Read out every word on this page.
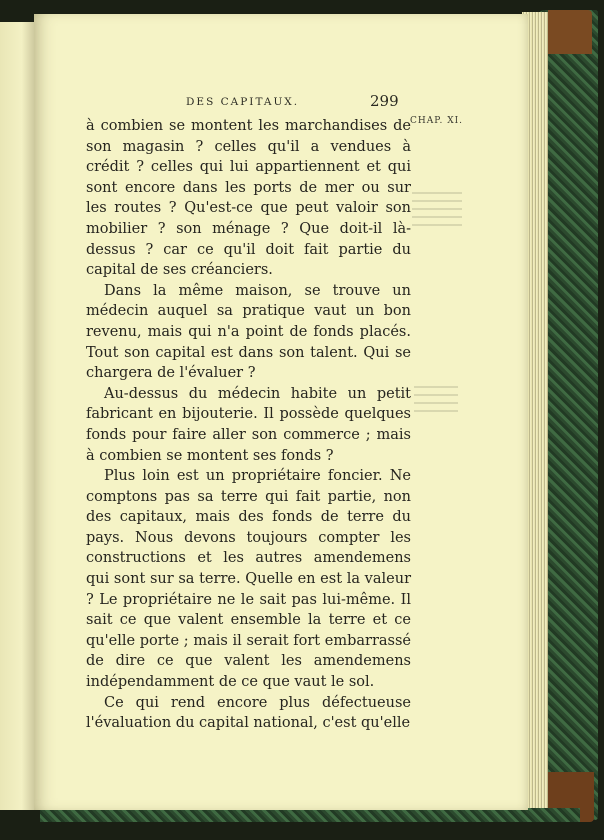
DES CAPITAUX.	299
CHAP. XI.

à combien se montent les marchandises de son magasin ? celles qu'il a vendues à crédit ? celles qui lui appartiennent et qui sont encore dans les ports de mer ou sur les routes ? Qu'est-ce que peut valoir son mobilier ? son ménage ? Que doit-il là-dessus ? car ce qu'il doit fait partie du capital de ses créanciers.

Dans la même maison, se trouve un médecin auquel sa pratique vaut un bon revenu, mais qui n'a point de fonds placés. Tout son capital est dans son talent. Qui se chargera de l'évaluer ?

Au-dessus du médecin habite un petit fabricant en bijouterie. Il possède quelques fonds pour faire aller son commerce ; mais à combien se montent ses fonds ?

Plus loin est un propriétaire foncier. Ne comptons pas sa terre qui fait partie, non des capitaux, mais des fonds de terre du pays. Nous devons toujours compter les constructions et les autres amendemens qui sont sur sa terre. Quelle en est la valeur ? Le propriétaire ne le sait pas lui-même. Il sait ce que valent ensemble la terre et ce qu'elle porte ; mais il serait fort embarrassé de dire ce que valent les amendemens indépendamment de ce que vaut le sol.

Ce qui rend encore plus défectueuse l'évaluation du capital national, c'est qu'elle
